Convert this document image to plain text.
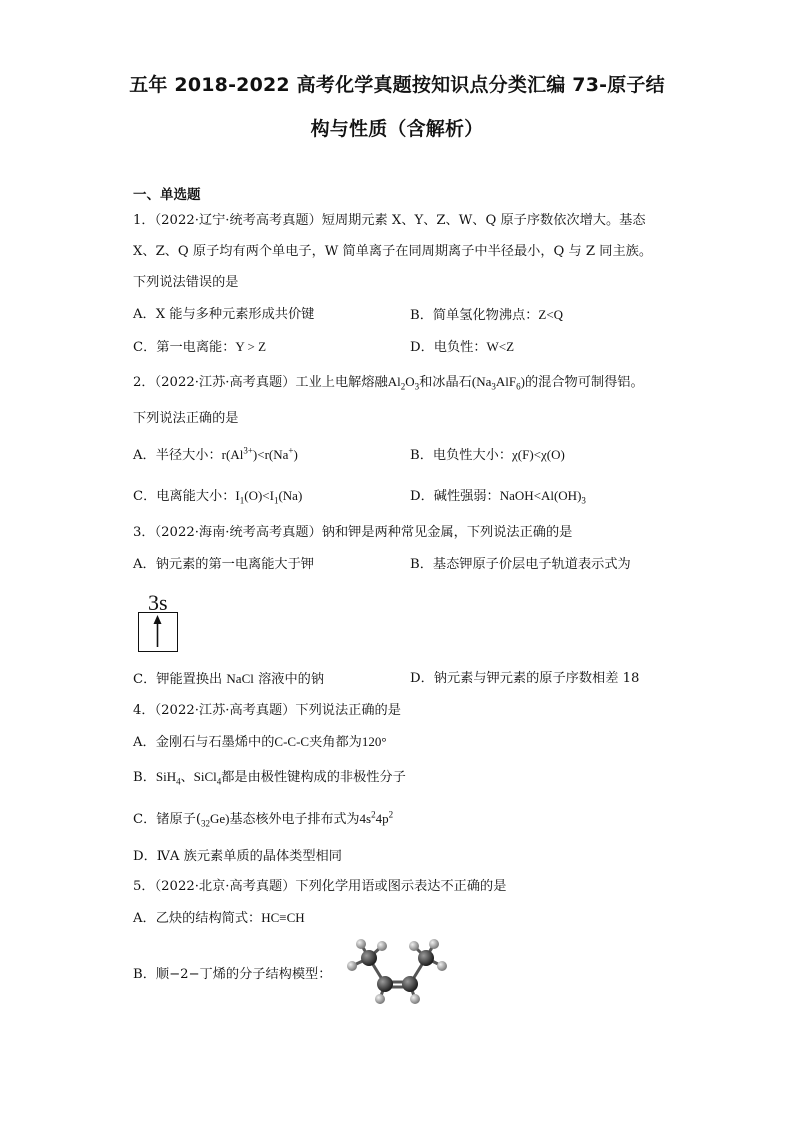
五年 2018-2022 高考化学真题按知识点分类汇编 73-原子结
构与性质（含解析）
一、单选题
1．（2022·辽宁·统考高考真题）短周期元素 X、Y、Z、W、Q 原子序数依次增大。基态
X、Z、Q 原子均有两个单电子，W 简单离子在同周期离子中半径最小，Q 与 Z 同主族。
下列说法错误的是
A．X 能与多种元素形成共价键	B．简单氢化物沸点：Z<Q
C．第一电离能：Y > Z	D．电负性：W<Z
2．（2022·江苏·高考真题）工业上电解熔融$Al_2O_3$和冰晶石$(Na_3AlF_6)$的混合物可制得铝。
下列说法正确的是
A．半径大小：$r(Al^{3+})<r(Na^+)$	B．电负性大小：χ(F)<χ(O)
C．电离能大小：$I_1(O)<I_1(Na)$	D．碱性强弱：$NaOH<Al(OH)_3$
3．（2022·海南·统考高考真题）钠和钾是两种常见金属，下列说法正确的是
A．钠元素的第一电离能大于钾	B．基态钾原子价层电子轨道表示式为
3s
C．钾能置换出 NaCl 溶液中的钠	D．钠元素与钾元素的原子序数相差 18
4．（2022·江苏·高考真题）下列说法正确的是
A．金刚石与石墨烯中的C-C-C夹角都为120°
B．SiH$_4$、SiCl$_4$都是由极性键构成的非极性分子
C．锗原子$(_{32}Ge)$基态核外电子排布式为$4s^24p^2$
D．ⅣA 族元素单质的晶体类型相同
5．（2022·北京·高考真题）下列化学用语或图示表达不正确的是
A．乙炔的结构简式：HC≡CH
B．顺−2−丁烯的分子结构模型：
